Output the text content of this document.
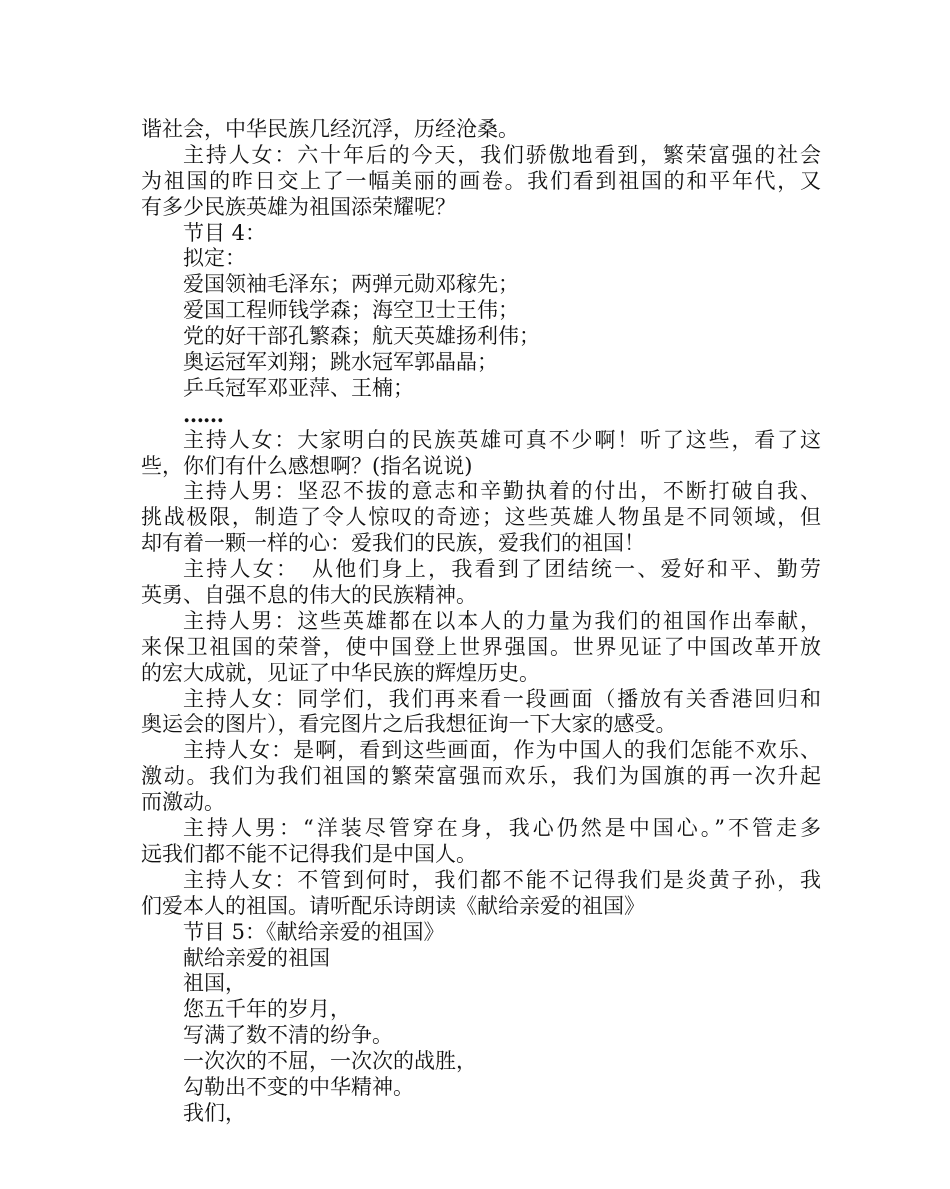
谐社会，中华民族几经沉浮，历经沧桑。
主持人女：六十年后的今天，我们骄傲地看到，繁荣富强的社会
为祖国的昨日交上了一幅美丽的画卷。我们看到祖国的和平年代，又
有多少民族英雄为祖国添荣耀呢？
节目 4：
拟定：
爱国领袖毛泽东；两弹元勋邓稼先；
爱国工程师钱学森；海空卫士王伟；
党的好干部孔繁森；航天英雄扬利伟；
奥运冠军刘翔；跳水冠军郭晶晶；
乒乓冠军邓亚萍、王楠；
……
主持人女：大家明白的民族英雄可真不少啊！听了这些，看了这
些，你们有什么感想啊？(指名说说)
主持人男：坚忍不拔的意志和辛勤执着的付出，不断打破自我、
挑战极限，制造了令人惊叹的奇迹；这些英雄人物虽是不同领域，但
却有着一颗一样的心：爱我们的民族，爱我们的祖国！
主持人女：　从他们身上，我看到了团结统一、爱好和平、勤劳
英勇、自强不息的伟大的民族精神。
主持人男：这些英雄都在以本人的力量为我们的祖国作出奉献，
来保卫祖国的荣誉，使中国登上世界强国。世界见证了中国改革开放
的宏大成就，见证了中华民族的辉煌历史。
主持人女：同学们，我们再来看一段画面（播放有关香港回归和
奥运会的图片），看完图片之后我想征询一下大家的感受。
主持人女：是啊，看到这些画面，作为中国人的我们怎能不欢乐、
激动。我们为我们祖国的繁荣富强而欢乐，我们为国旗的再一次升起
而激动。
主持人男：“洋装尽管穿在身，我心仍然是中国心。”不管走多
远我们都不能不记得我们是中国人。
主持人女：不管到何时，我们都不能不记得我们是炎黄子孙，我
们爱本人的祖国。请听配乐诗朗读《献给亲爱的祖国》
节目 5：《献给亲爱的祖国》
献给亲爱的祖国
祖国，
您五千年的岁月，
写满了数不清的纷争。
一次次的不屈，一次次的战胜，
勾勒出不变的中华精神。
我们，
